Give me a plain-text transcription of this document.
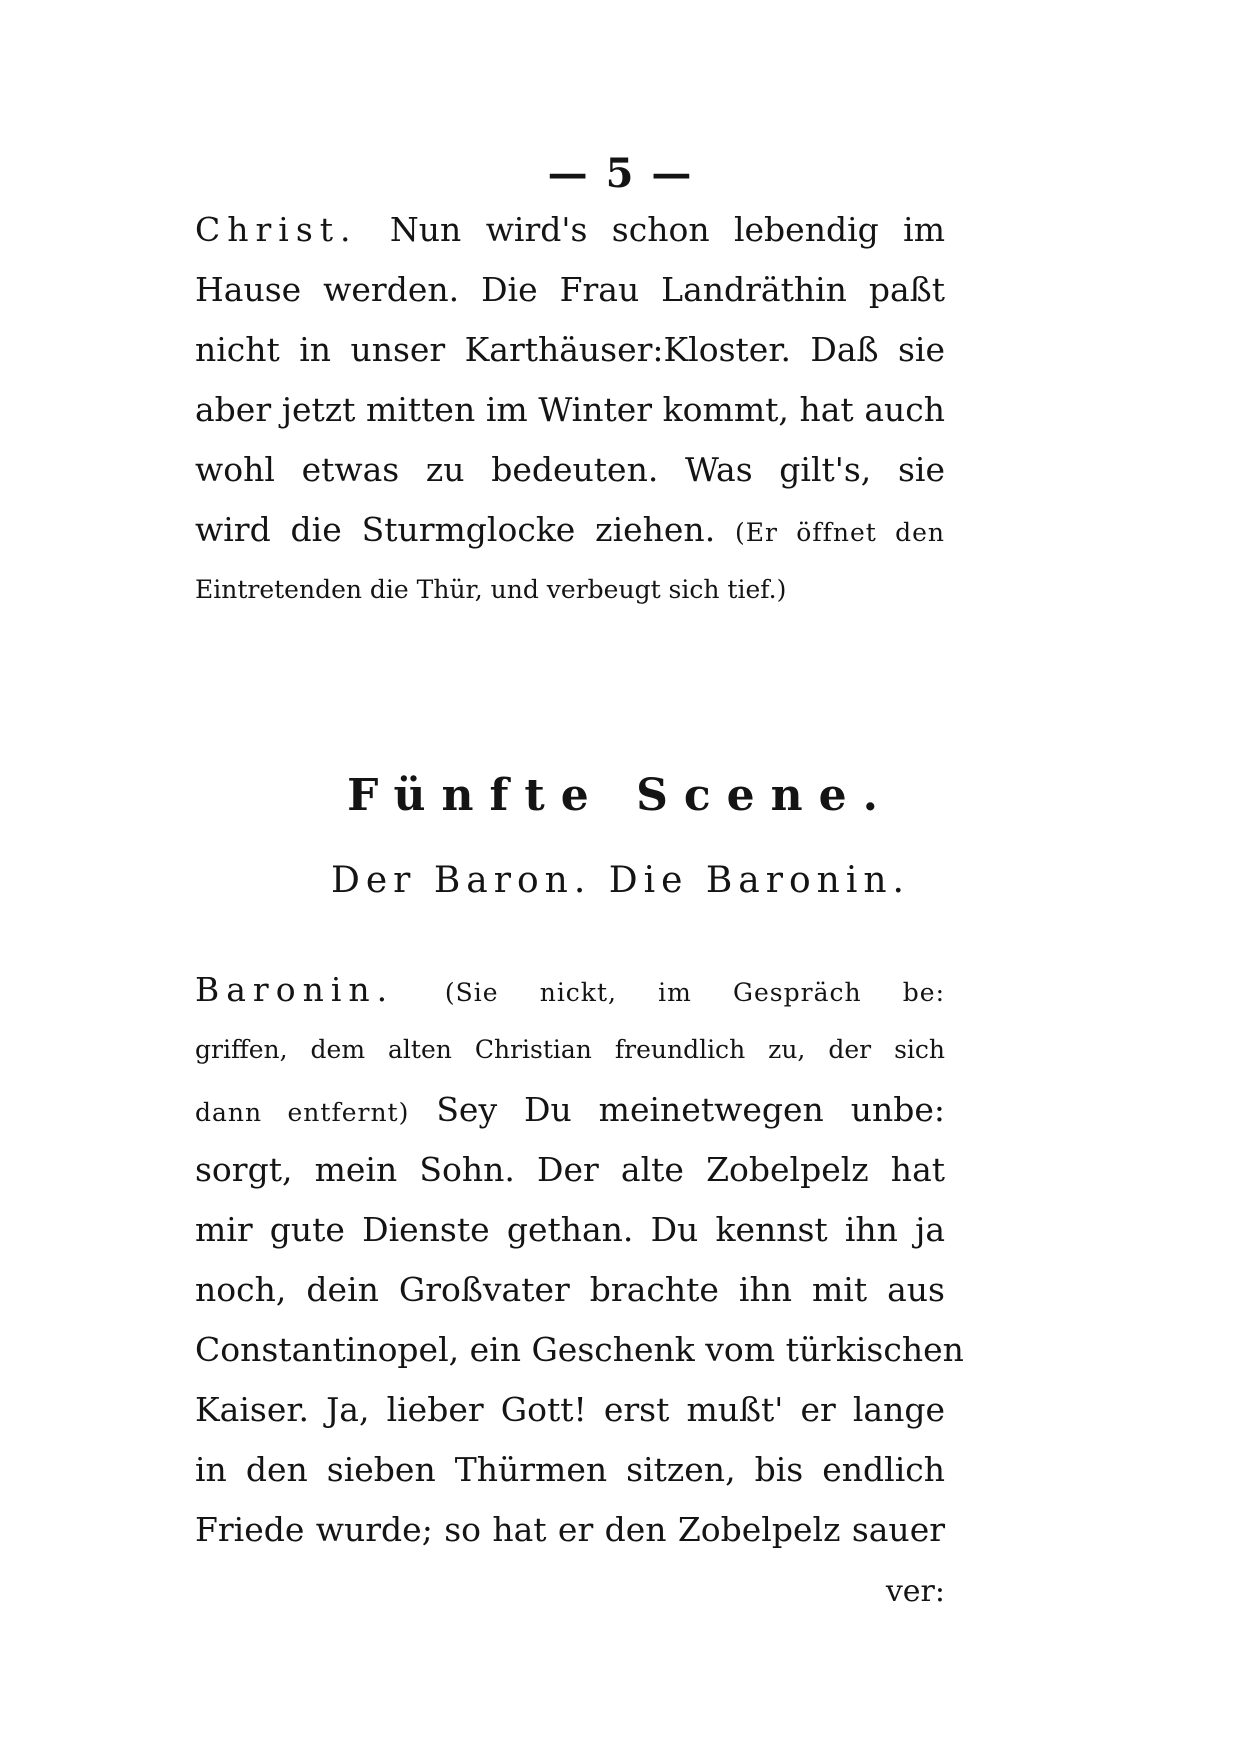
— 5 —
Christ. Nun wird's schon lebendig im
Hause werden. Die Frau Landräthin paßt
nicht in unser Karthäuser:Kloster. Daß sie
aber jetzt mitten im Winter kommt, hat auch
wohl etwas zu bedeuten. Was gilt's, sie
wird die Sturmglocke ziehen. (Er öffnet den
Eintretenden die Thür, und verbeugt sich tief.)
Fünfte Scene.
Der Baron. Die Baronin.
Baronin. (Sie nickt, im Gespräch be:
griffen, dem alten Christian freundlich zu, der sich
dann entfernt) Sey Du meinetwegen unbe:
sorgt, mein Sohn. Der alte Zobelpelz hat
mir gute Dienste gethan. Du kennst ihn ja
noch, dein Großvater brachte ihn mit aus
Constantinopel, ein Geschenk vom türkischen
Kaiser. Ja, lieber Gott! erst mußt' er lange
in den sieben Thürmen sitzen, bis endlich
Friede wurde; so hat er den Zobelpelz sauer
ver:
